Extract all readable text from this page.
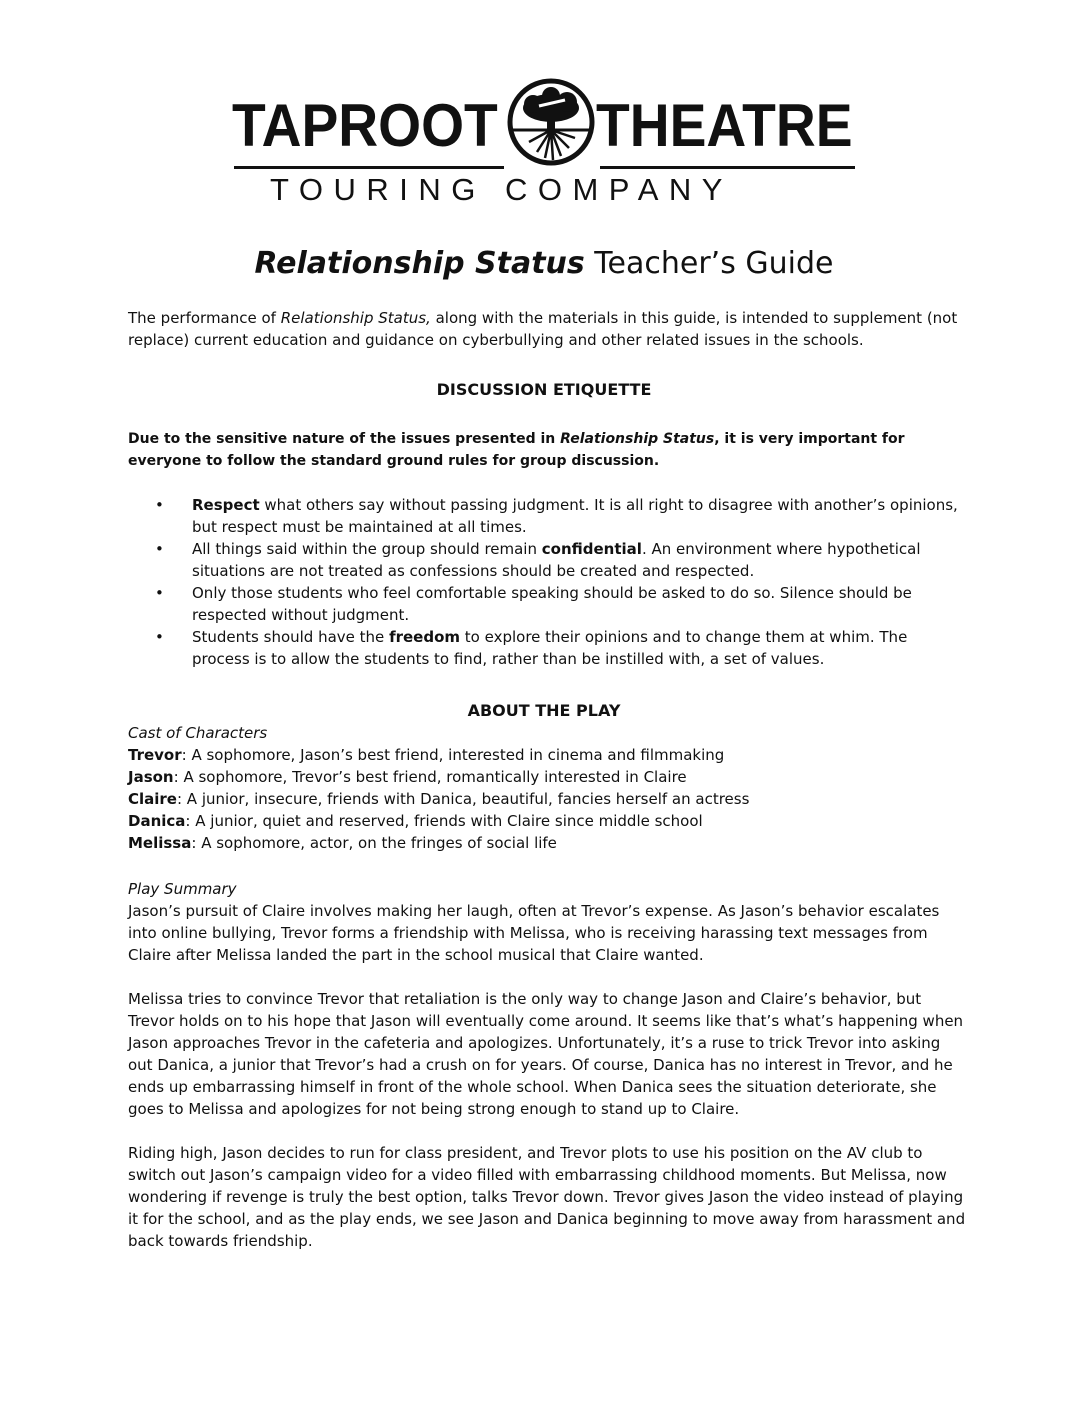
TAPROOT THEATRE
TOURING COMPANY
Relationship Status Teacher’s Guide
The performance of Relationship Status, along with the materials in this guide, is intended to supplement (not replace) current education and guidance on cyberbullying and other related issues in the schools.
DISCUSSION ETIQUETTE
Due to the sensitive nature of the issues presented in Relationship Status, it is very important for everyone to follow the standard ground rules for group discussion.
• Respect what others say without passing judgment. It is all right to disagree with another’s opinions, but respect must be maintained at all times.
• All things said within the group should remain confidential. An environment where hypothetical situations are not treated as confessions should be created and respected.
• Only those students who feel comfortable speaking should be asked to do so. Silence should be respected without judgment.
• Students should have the freedom to explore their opinions and to change them at whim. The process is to allow the students to find, rather than be instilled with, a set of values.
ABOUT THE PLAY
Cast of Characters
Trevor: A sophomore, Jason’s best friend, interested in cinema and filmmaking
Jason: A sophomore, Trevor’s best friend, romantically interested in Claire
Claire: A junior, insecure, friends with Danica, beautiful, fancies herself an actress
Danica: A junior, quiet and reserved, friends with Claire since middle school
Melissa: A sophomore, actor, on the fringes of social life
Play Summary

Jason’s pursuit of Claire involves making her laugh, often at Trevor’s expense. As Jason’s behavior escalates into online bullying, Trevor forms a friendship with Melissa, who is receiving harassing text messages from Claire after Melissa landed the part in the school musical that Claire wanted.

Melissa tries to convince Trevor that retaliation is the only way to change Jason and Claire’s behavior, but Trevor holds on to his hope that Jason will eventually come around. It seems like that’s what’s happening when Jason approaches Trevor in the cafeteria and apologizes. Unfortunately, it’s a ruse to trick Trevor into asking out Danica, a junior that Trevor’s had a crush on for years. Of course, Danica has no interest in Trevor, and he ends up embarrassing himself in front of the whole school. When Danica sees the situation deteriorate, she goes to Melissa and apologizes for not being strong enough to stand up to Claire.

Riding high, Jason decides to run for class president, and Trevor plots to use his position on the AV club to switch out Jason’s campaign video for a video filled with embarrassing childhood moments. But Melissa, now wondering if revenge is truly the best option, talks Trevor down. Trevor gives Jason the video instead of playing it for the school, and as the play ends, we see Jason and Danica beginning to move away from harassment and back towards friendship.
